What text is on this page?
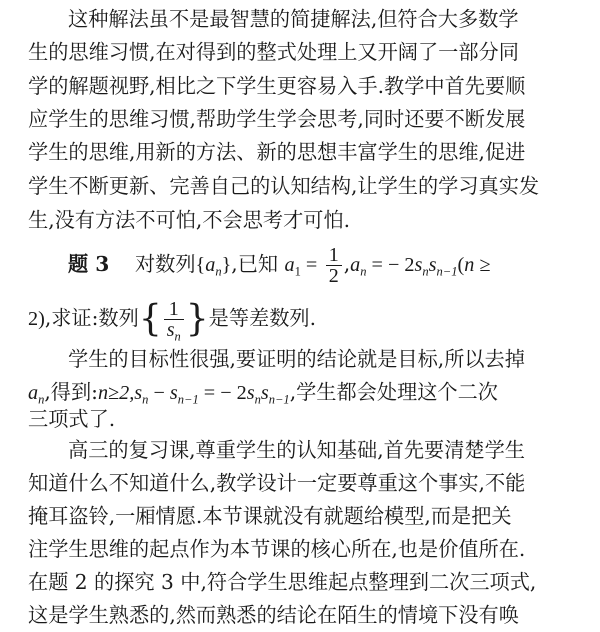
这种解法虽不是最智慧的简捷解法,但符合大多数学
生的思维习惯,在对得到的整式处理上又开阔了一部分同
学的解题视野,相比之下学生更容易入手.教学中首先要顺
应学生的思维习惯,帮助学生学会思考,同时还要不断发展
学生的思维,用新的方法、新的思想丰富学生的思维,促进
学生不断更新、完善自己的认知结构,让学生的学习真实发
生,没有方法不可怕,不会思考才可怕.
题 3 对数列$\{a_n\}$,已知 $a_1 = \frac{1}{2} ,a_n$ = − $2s_ns_{n-1}(n$ ≥
2),求证:数列{ $\frac{1}{s_n}$ }是等差数列.
学生的目标性很强,要证明的结论就是目标,所以去掉
$a_n$,得到$:n\ge 2,s_n - s_{n-1}$ = − $2s_ns_{n-1}$,学生都会处理这个二次
三项式了.
高三的复习课,尊重学生的认知基础,首先要清楚学生
知道什么不知道什么,教学设计一定要尊重这个事实,不能
掩耳盗铃,一厢情愿.本节课就没有就题给模型,而是把关
注学生思维的起点作为本节课的核心所在,也是价值所在.
在题 2 的探究 3 中,符合学生思维起点整理到二次三项式,
这是学生熟悉的,然而熟悉的结论在陌生的情境下没有唤
